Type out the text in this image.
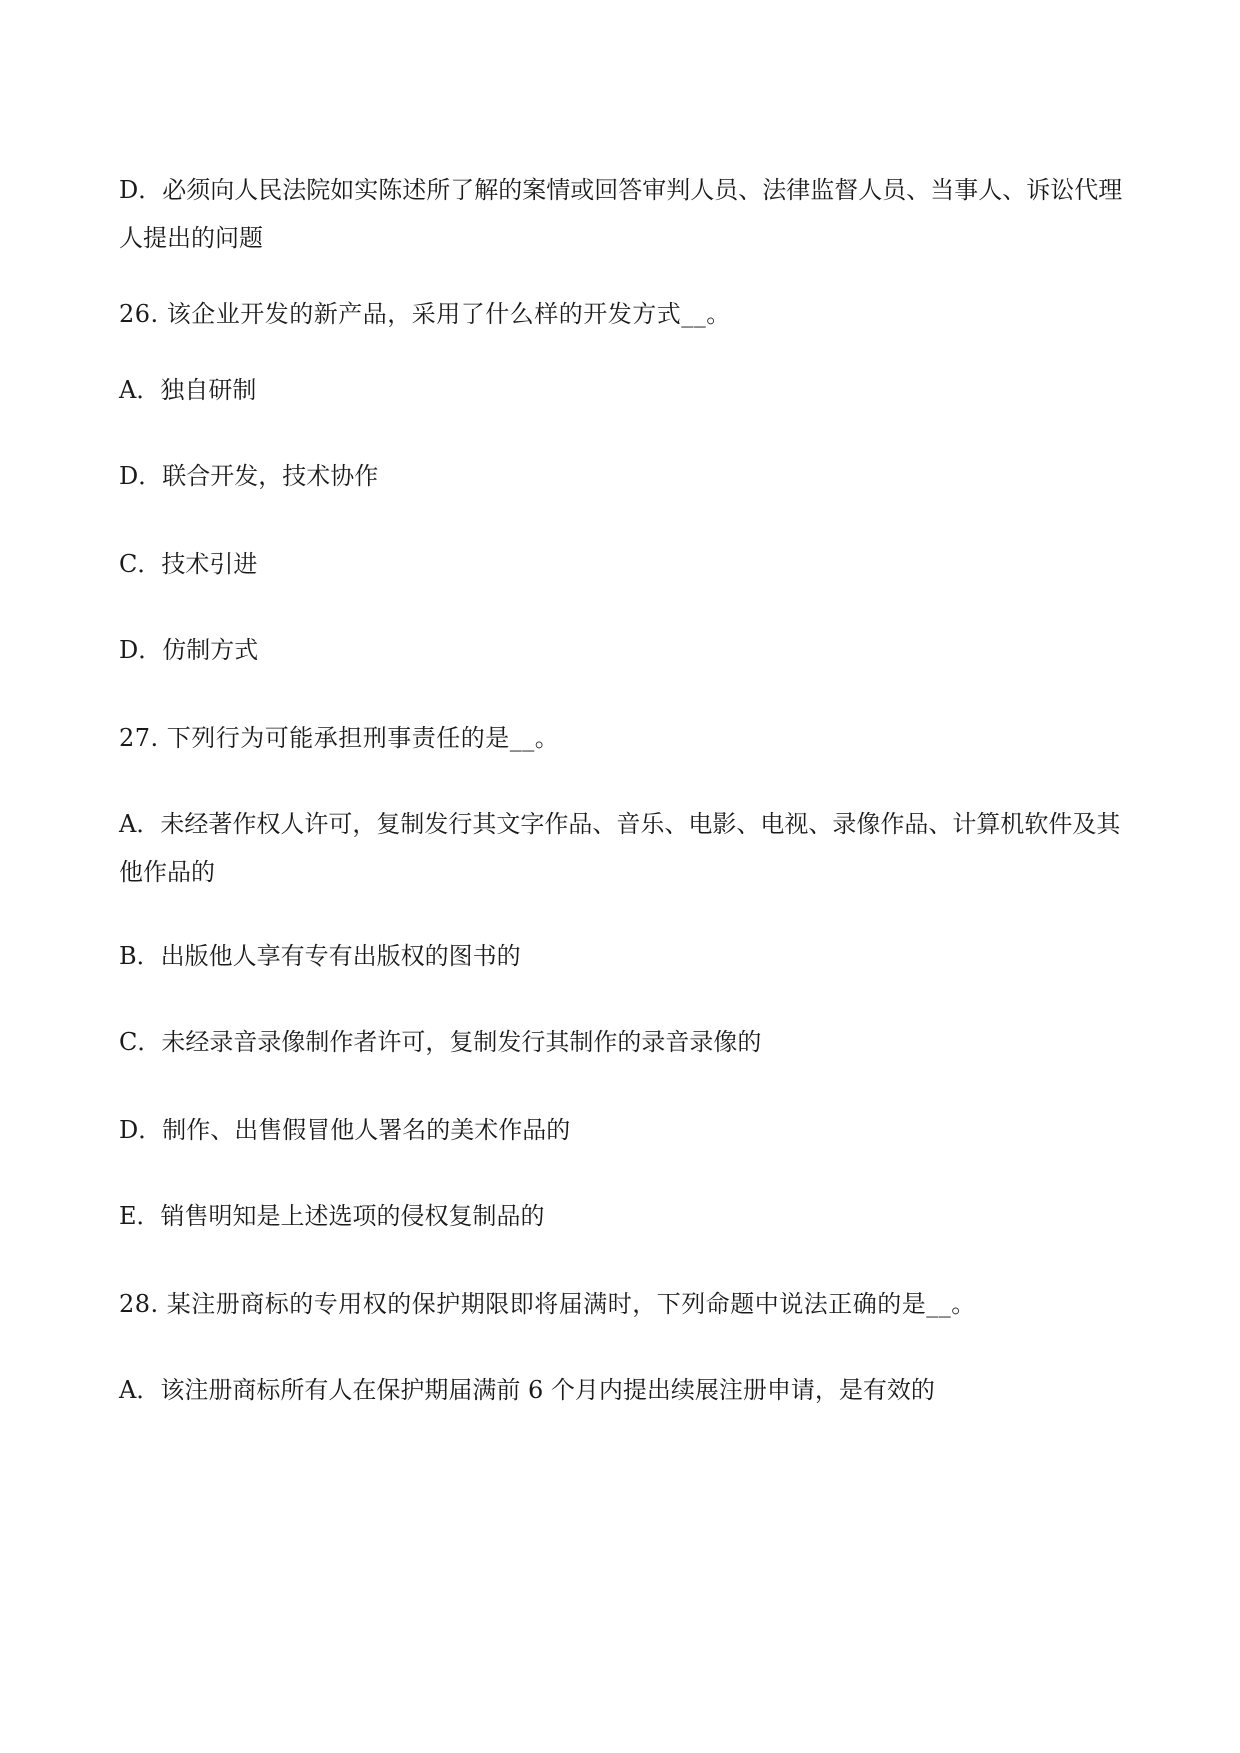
D．必须向人民法院如实陈述所了解的案情或回答审判人员、法律监督人员、当事人、诉讼代理人提出的问题
26. 该企业开发的新产品，采用了什么样的开发方式__。
A．独自研制
D．联合开发，技术协作
C．技术引进
D．仿制方式
27. 下列行为可能承担刑事责任的是__。
A．未经著作权人许可，复制发行其文字作品、音乐、电影、电视、录像作品、计算机软件及其他作品的
B．出版他人享有专有出版权的图书的
C．未经录音录像制作者许可，复制发行其制作的录音录像的
D．制作、出售假冒他人署名的美术作品的
E．销售明知是上述选项的侵权复制品的
28. 某注册商标的专用权的保护期限即将届满时，下列命题中说法正确的是__。
A．该注册商标所有人在保护期届满前 6 个月内提出续展注册申请，是有效的
